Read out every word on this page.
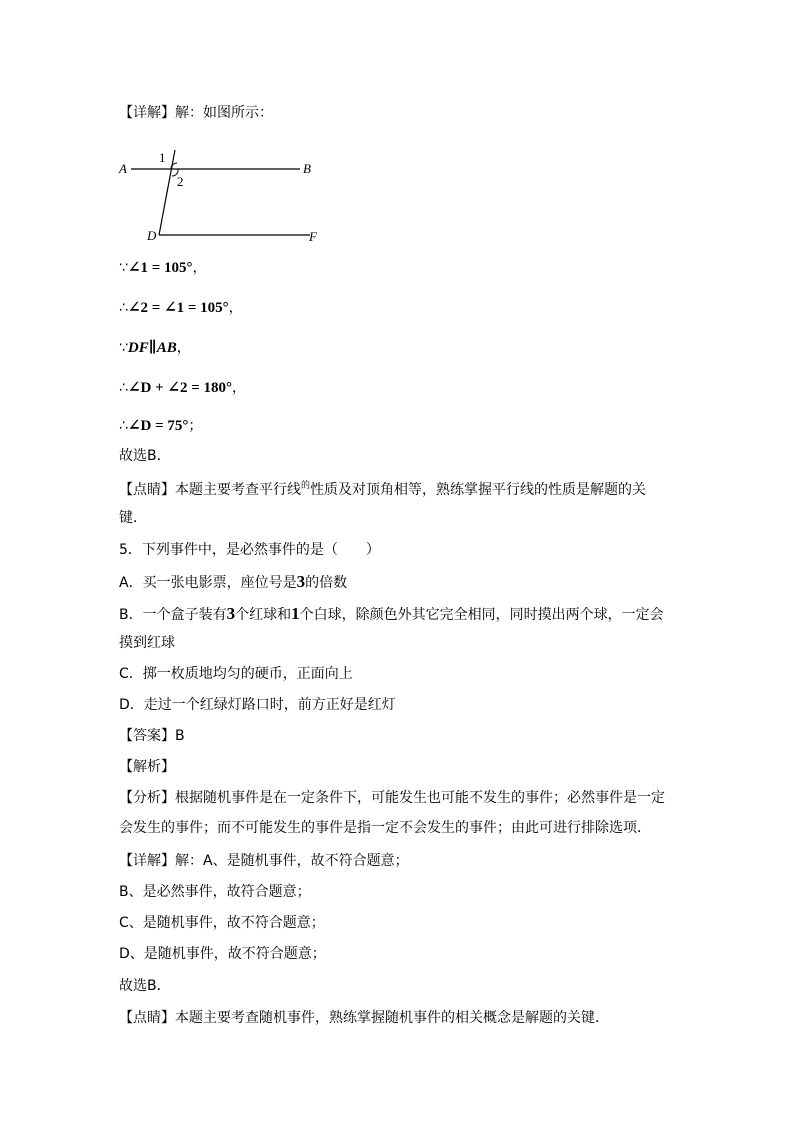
【详解】解：如图所示：
A	B
D	F
1
2
∵∠1 = 105°，
∴∠2 = ∠1 = 105°，
∵DF∥AB，
∴∠D + ∠2 = 180°，
∴∠D = 75°；
故选B．
【点睛】本题主要考查平行线$^的$性质及对顶角相等，熟练掌握平行线的性质是解题的关
键．
5．下列事件中，是必然事件的是（　　）
A．买一张电影票，座位号是3的倍数
B．一个盒子装有3个红球和1个白球，除颜色外其它完全相同，同时摸出两个球，一定会
摸到红球
C．掷一枚质地均匀的硬币，正面向上
D．走过一个红绿灯路口时，前方正好是红灯
【答案】B
【解析】
【分析】根据随机事件是在一定条件下，可能发生也可能不发生的事件；必然事件是一定
会发生的事件；而不可能发生的事件是指一定不会发生的事件；由此可进行排除选项．
【详解】解：A、是随机事件，故不符合题意；
B、是必然事件，故符合题意；
C、是随机事件，故不符合题意；
D、是随机事件，故不符合题意；
故选B．
【点睛】本题主要考查随机事件，熟练掌握随机事件的相关概念是解题的关键．
